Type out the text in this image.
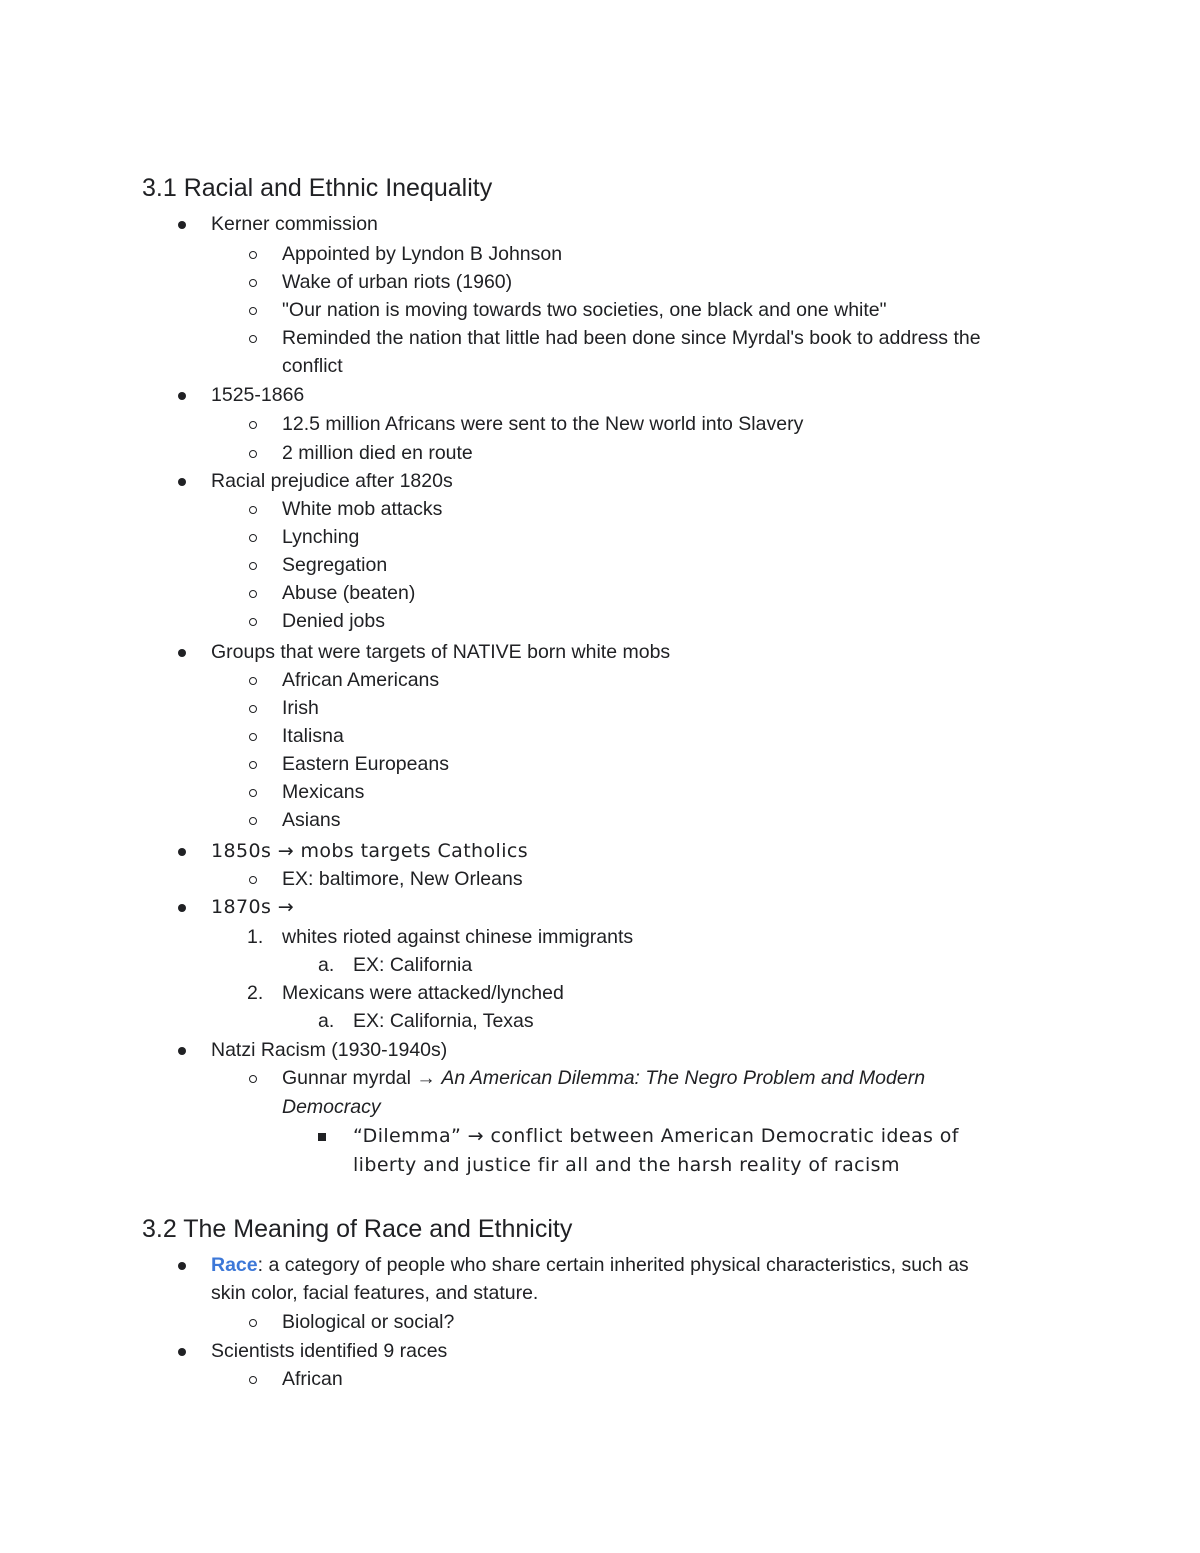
3.1 Racial and Ethnic Inequality
Kerner commission
Appointed by Lyndon B Johnson
Wake of urban riots (1960)
"Our nation is moving towards two societies, one black and one white"
Reminded the nation that little had been done since Myrdal's book to address the
conflict
1525-1866
12.5 million Africans were sent to the New world into Slavery
2 million died en route
Racial prejudice after 1820s
White mob attacks
Lynching
Segregation
Abuse (beaten)
Denied jobs
Groups that were targets of NATIVE born white mobs
African Americans
Irish
Italisna
Eastern Europeans
Mexicans
Asians
1850s → mobs targets Catholics
EX: baltimore, New Orleans
1870s →
1. whites rioted against chinese immigrants
a. EX: California
2. Mexicans were attacked/lynched
a. EX: California, Texas
Natzi Racism (1930-1940s)
Gunnar myrdal → An American Dilemma: The Negro Problem and Modern
Democracy
“Dilemma” → conflict between American Democratic ideas of
liberty and justice fir all and the harsh reality of racism
3.2 The Meaning of Race and Ethnicity
Race: a category of people who share certain inherited physical characteristics, such as
skin color, facial features, and stature.
Biological or social?
Scientists identified 9 races
African
